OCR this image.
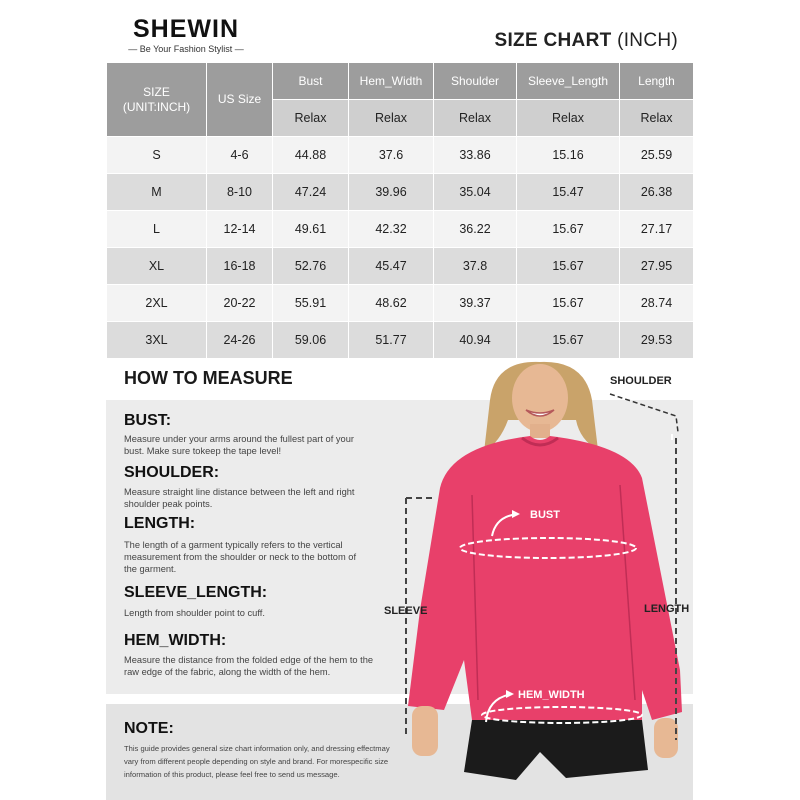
SHEWIN
— Be Your Fashion Stylist —	SIZE CHART (INCH)
SIZE
(UNIT:INCH)	US Size	Bust	Hem_Width	Shoulder	Sleeve_Length	Length
		Relax	Relax	Relax	Relax	Relax
S	4-6	44.88	37.6	33.86	15.16	25.59
M	8-10	47.24	39.96	35.04	15.47	26.38
L	12-14	49.61	42.32	36.22	15.67	27.17
XL	16-18	52.76	45.47	37.8	15.67	27.95
2XL	20-22	55.91	48.62	39.37	15.67	28.74
3XL	24-26	59.06	51.77	40.94	15.67	29.53
HOW TO MEASURE
BUST:
Measure under your arms around the fullest part of your bust. Make sure tokeep the tape level!
SHOULDER:
Measure straight line distance between the left and right shoulder peak points.
LENGTH:
The length of a garment typically refers to the vertical measurement from the shoulder or neck to the bottom of the garment.
SLEEVE_LENGTH:
Length from shoulder point to cuff.
HEM_WIDTH:
Measure the distance from the folded edge of the hem to the raw edge of the fabric, along the width of the hem.
NOTE:
This guide provides general size chart information only, and dressing effectmay vary from different people depending on style and brand. For morespecific size information of this product, please feel free to send us message.
SHOULDER
BUST
SLEEVE	LENGTH
HEM_WIDTH
